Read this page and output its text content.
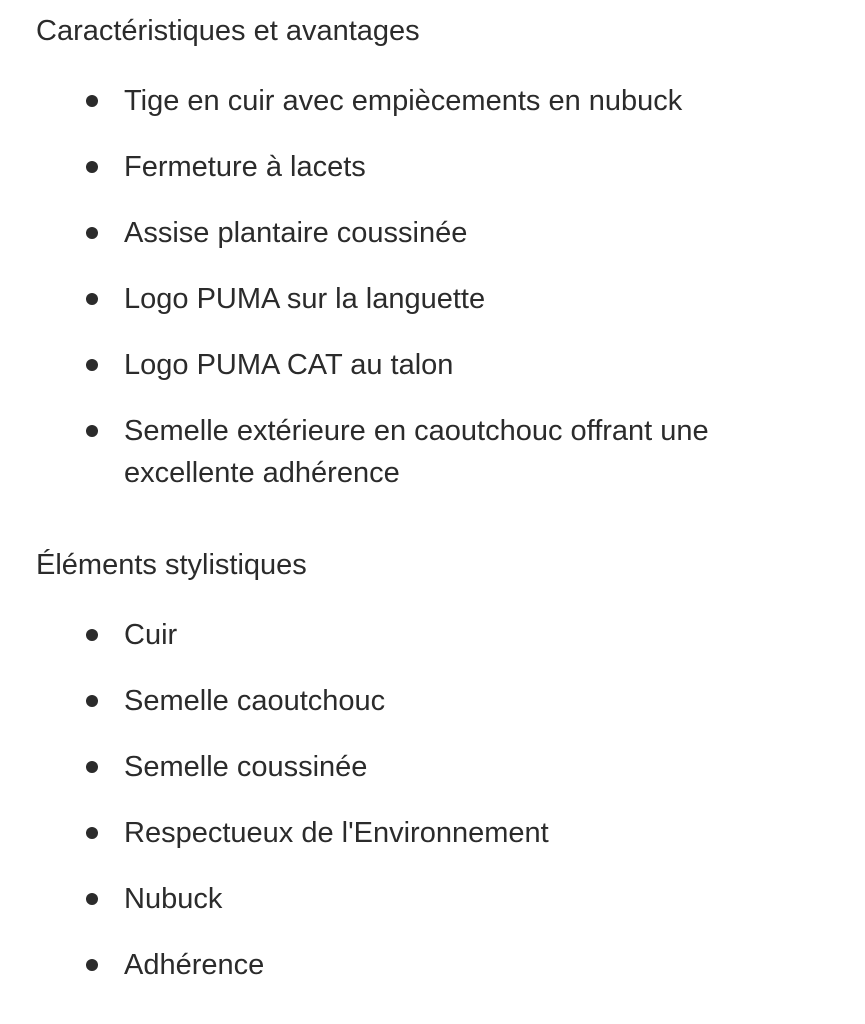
Caractéristiques et avantages
Tige en cuir avec empiècements en nubuck
Fermeture à lacets
Assise plantaire coussinée
Logo PUMA sur la languette
Logo PUMA CAT au talon
Semelle extérieure en caoutchouc offrant une excellente adhérence
Éléments stylistiques
Cuir
Semelle caoutchouc
Semelle coussinée
Respectueux de l'Environnement
Nubuck
Adhérence
